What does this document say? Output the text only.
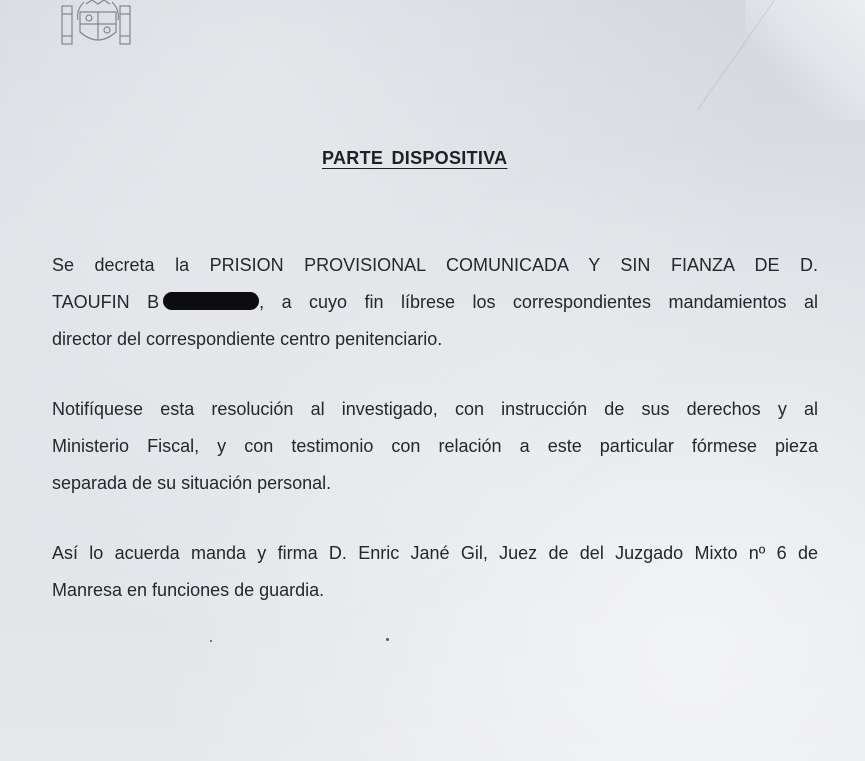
PARTE DISPOSITIVA

Se decreta la PRISION PROVISIONAL COMUNICADA Y SIN FIANZA DE D.
TAOUFIN B	, a cuyo fin líbrese los correspondientes mandamientos al
director del correspondiente centro penitenciario.

Notifíquese esta resolución al investigado, con instrucción de sus derechos y al
Ministerio Fiscal, y con testimonio con relación a este particular fórmese pieza
separada de su situación personal.

Así lo acuerda manda y firma D. Enric Jané Gil, Juez de del Juzgado Mixto nº 6 de
Manresa en funciones de guardia.
